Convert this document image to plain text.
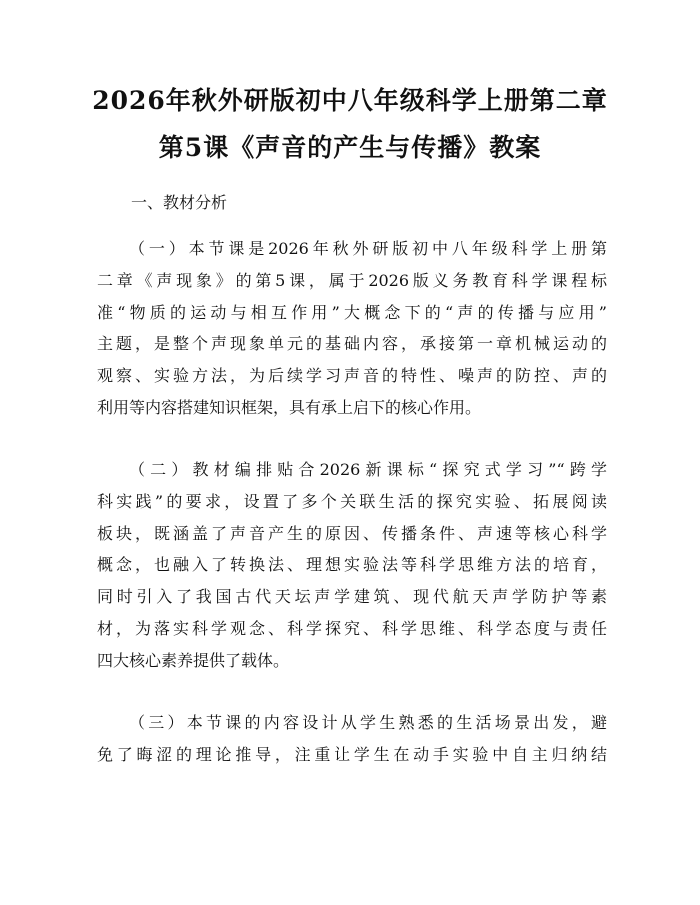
2026年秋外研版初中八年级科学上册第二章
第5课《声音的产生与传播》教案
一、教材分析
（一）本节课是2026年秋外研版初中八年级科学上册第
二章《声现象》的第5课，属于2026版义务教育科学课程标
准“物质的运动与相互作用”大概念下的“声的传播与应用”
主题，是整个声现象单元的基础内容，承接第一章机械运动的
观察、实验方法，为后续学习声音的特性、噪声的防控、声的
利用等内容搭建知识框架，具有承上启下的核心作用。
（二）教材编排贴合2026新课标“探究式学习”“跨学
科实践”的要求，设置了多个关联生活的探究实验、拓展阅读
板块，既涵盖了声音产生的原因、传播条件、声速等核心科学
概念，也融入了转换法、理想实验法等科学思维方法的培育，
同时引入了我国古代天坛声学建筑、现代航天声学防护等素
材，为落实科学观念、科学探究、科学思维、科学态度与责任
四大核心素养提供了载体。
（三）本节课的内容设计从学生熟悉的生活场景出发，避
免了晦涩的理论推导，注重让学生在动手实验中自主归纳结
